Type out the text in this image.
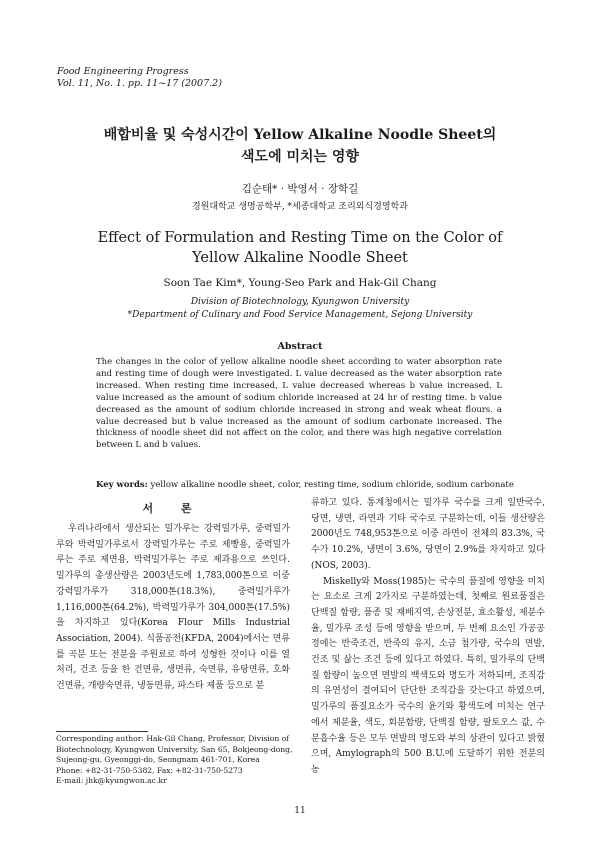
Food Engineering Progress
Vol. 11, No. 1. pp. 11~17 (2007.2)
배합비율 및 숙성시간이 Yellow Alkaline Noodle Sheet의
색도에 미치는 영향
김순태* · 박영서 · 장학길
경원대학교 생명공학부, *세종대학교 조리외식경영학과
Effect of Formulation and Resting Time on the Color of Yellow Alkaline Noodle Sheet
Soon Tae Kim*, Young-Seo Park and Hak-Gil Chang
Division of Biotechnology, Kyungwon University
*Department of Culinary and Food Service Management, Sejong University
Abstract
The changes in the color of yellow alkaline noodle sheet according to water absorption rate and resting time of dough were investigated. L value decreased as the water absorption rate increased. When resting time increased, L value decreased whereas b value increased. L value increased as the amount of sodium chloride increased at 24 hr of resting time. b value decreased as the amount of sodium chloride increased in strong and weak wheat flours. a value decreased but b value increased as the amount of sodium carbonate increased. The thickness of noodle sheet did not affect on the color, and there was high negative correlation between L and b values.
Key words: yellow alkaline noodle sheet, color, resting time, sodium chloride, sodium carbonate
서 론

우리나라에서 생산되는 밀가루는 강력밀가루, 중력밀가루와 박력밀가루로서 강력밀가루는 주로 제빵용, 중력밀가루는 주로 제면용, 박력밀가루는 주로 제과용으로 쓰인다. 밀가루의 총생산량은 2003년도에 1,783,000톤으로 이중 강력밀가루가 318,000톤(18.3%), 중력밀가루가 1,116,000톤(64.2%), 박력밀가루가 304,000톤(17.5%)을 차지하고 있다(Korea Flour Mills Industrial Association, 2004). 식품공전(KFDA, 2004)에서는 면류를 곡분 또는 전분을 주원료로 하여 성형한 것이나 이를 열처리, 건조 등을 한 건면류, 생면류, 숙면류, 유탕면류, 호화건면류, 개량숙면류, 냉동면류, 파스타 제품 등으로 분

류하고 있다. 통계청에서는 밀가루 국수를 크게 일반국수, 당면, 냉면, 라면과 기타 국수로 구분하는데, 이들 생산량은 2000년도 748,953톤으로 이중 라면이 전체의 83.3%, 국수가 10.2%, 냉면이 3.6%, 당면이 2.9%를 차지하고 있다(NOS, 2003).

Miskelly와 Moss(1985)는 국수의 품질에 영향을 미치는 요소로 크게 2가지로 구분하였는데, 첫째로 원료품질은 단백질 함량, 품종 및 재배지역, 손상전분, 효소활성, 제분수율, 밀가루 조성 등에 영향을 받으며, 두 번째 요소인 가공공정에는 반죽조건, 반죽의 유지, 소금 첨가량, 국수의 면발, 건조 및 삶는 조건 등에 있다고 하였다. 특히, 밀가루의 단백질 함량이 높으면 면발의 백색도와 명도가 저하되며, 조직감의 유연성이 결여되어 단단한 조직감을 갖는다고 하였으며, 밀가루의 품질요소가 국수의 윤기와 황색도에 미치는 연구에서 제분율, 색도, 회분함량, 단백질 함량, 팔토오스 값, 수분흡수율 등은 모두 면발의 명도와 부의 상관이 있다고 밝혔으며, Amylograph의 500 B.U.에 도달하기 위한 전분의 농

Corresponding author: Hak-Gil Chang, Professor, Division of
Biotechnology, Kyungwon University, San 65, Bokjeong-dong,
Sujeong-gu, Gyeonggi-do, Seongnam 461-701, Korea
Phone: +82-31-750-5382, Fax: +82-31-750-5273
E-mail: jhk@kyungwon.ac.kr
11
